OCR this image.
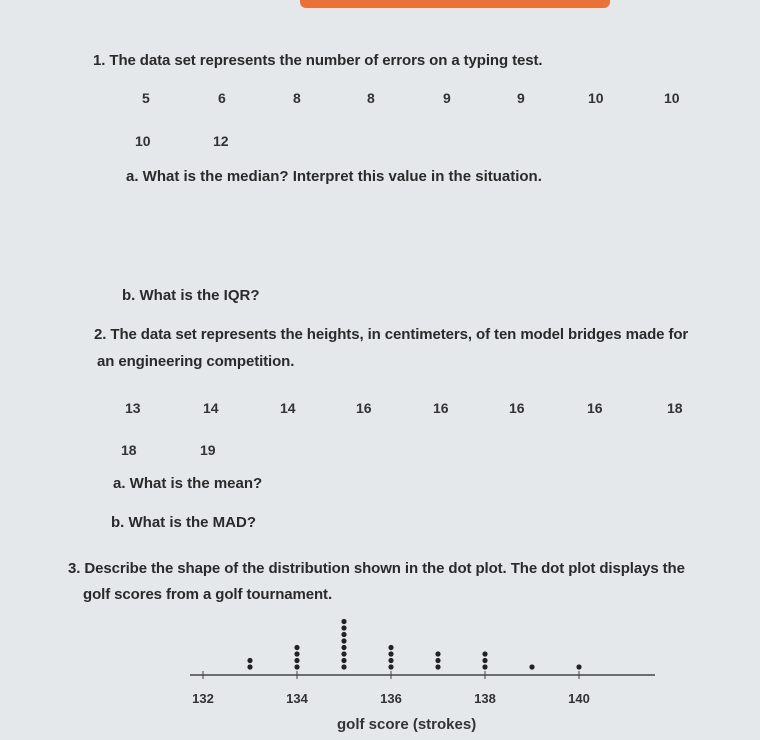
1. The data set represents the number of errors on a typing test.
5	6	8	8	9	9	10	10
10	12
a. What is the median? Interpret this value in the situation.
b. What is the IQR?
2. The data set represents the heights, in centimeters, of ten model bridges made for
an engineering competition.
13	14	14	16	16	16	16	18
18	19
a. What is the mean?
b. What is the MAD?
3. Describe the shape of the distribution shown in the dot plot. The dot plot displays the
golf scores from a golf tournament.
132	134	136	138	140
golf score (strokes)
